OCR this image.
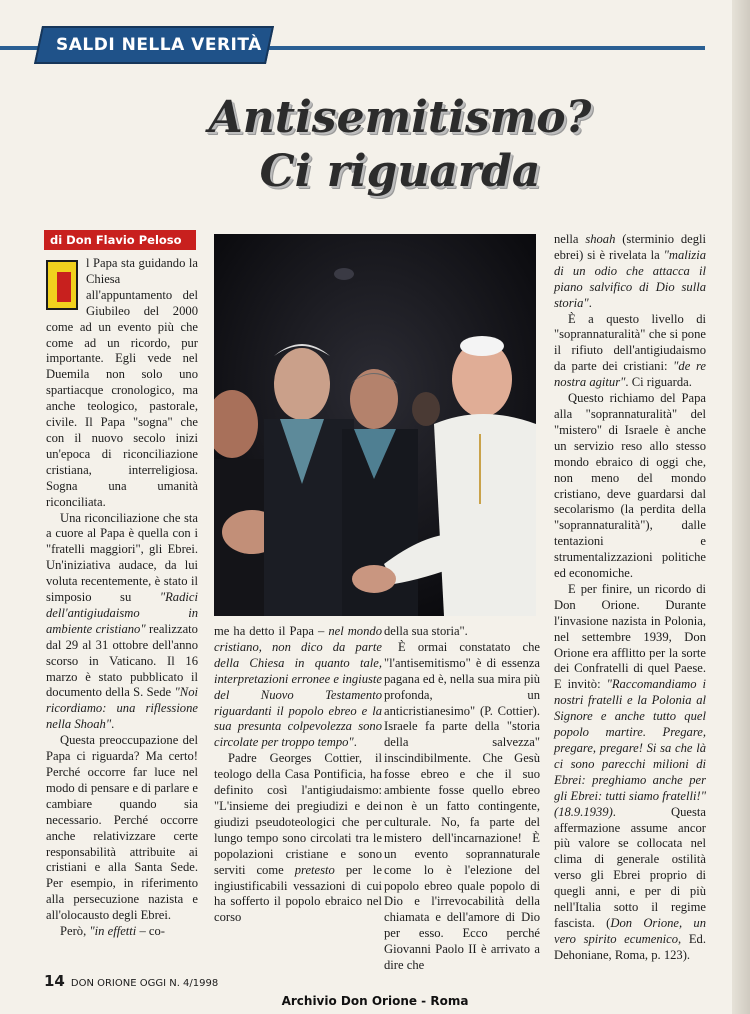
SALDI NELLA VERITÀ
Antisemitismo?
Ci riguarda
di Don Flavio Peloso

l Papa sta guidando la Chiesa all'appuntamento del Giubileo del 2000 come ad un evento più che come ad un ricordo, pur importante. Egli vede nel Duemila non solo uno spartiacque cronologico, ma anche teologico, pastorale, civile. Il Papa "sogna" che con il nuovo secolo inizi un'epoca di riconciliazione cristiana, interreligiosa. Sogna una umanità riconciliata.

Una riconciliazione che sta a cuore al Papa è quella con i "fratelli maggiori", gli Ebrei. Un'iniziativa audace, da lui voluta recentemente, è stato il simposio su "Radici dell'antigiudaismo in ambiente cristiano" realizzato dal 29 al 31 ottobre dell'anno scorso in Vaticano. Il 16 marzo è stato pubblicato il documento della S. Sede "Noi ricordiamo: una riflessione nella Shoah".

Questa preoccupazione del Papa ci riguarda? Ma certo! Perché occorre far luce nel modo di pensare e di parlare e cambiare quando sia necessario. Perché occorre anche relativizzare certe responsabilità attribuite ai cristiani e alla Santa Sede. Per esempio, in riferimento alla persecuzione nazista e all'olocausto degli Ebrei.

Però, "in effetti – co-

me ha detto il Papa – nel mondo cristiano, non dico da parte della Chiesa in quanto tale, interpretazioni erronee e ingiuste del Nuovo Testamento riguardanti il popolo ebreo e la sua presunta colpevolezza sono circolate per troppo tempo".

Padre Georges Cottier, il teologo della Casa Pontificia, ha definito così l'antigiudaismo: "L'insieme dei pregiudizi e dei giudizi pseudoteologici che per lungo tempo sono circolati tra le popolazioni cristiane e sono serviti come pretesto per le ingiustificabili vessazioni di cui ha sofferto il popolo ebraico nel corso

della sua storia".

È ormai constatato che "l'antisemitismo" è di essenza pagana ed è, nella sua mira più profonda, un anticristianesimo" (P. Cottier). Israele fa parte della "storia della salvezza" inscindibilmente. Che Gesù fosse ebreo e che il suo ambiente fosse quello ebreo non è un fatto contingente, culturale. No, fa parte del mistero dell'incarnazione! È un evento soprannaturale come lo è l'elezione del popolo ebreo quale popolo di Dio e l'irrevocabilità della chiamata e dell'amore di Dio per esso. Ecco perché Giovanni Paolo II è arrivato a dire che

nella shoah (sterminio degli ebrei) si è rivelata la "malizia di un odio che attacca il piano salvifico di Dio sulla storia".

È a questo livello di "soprannaturalità" che si pone il rifiuto dell'antigiudaismo da parte dei cristiani: "de re nostra agitur". Ci riguarda.

Questo richiamo del Papa alla "soprannaturalità" del "mistero" di Israele è anche un servizio reso allo stesso mondo ebraico di oggi che, non meno del mondo cristiano, deve guardarsi dal secolarismo (la perdita della "soprannaturalità"), dalle tentazioni e strumentalizzazioni politiche ed economiche.

E per finire, un ricordo di Don Orione. Durante l'invasione nazista in Polonia, nel settembre 1939, Don Orione era afflitto per la sorte dei Confratelli di quel Paese. E invitò: "Raccomandiamo i nostri fratelli e la Polonia al Signore e anche tutto quel popolo martire. Pregare, pregare, pregare! Si sa che là ci sono parecchi milioni di Ebrei: preghiamo anche per gli Ebrei: tutti siamo fratelli!" (18.9.1939). Questa affermazione assume ancor più valore se collocata nel clima di generale ostilità verso gli Ebrei proprio di quegli anni, e per di più nell'Italia sotto il regime fascista. (Don Orione, un vero spirito ecumenico, Ed. Dehoniane, Roma, p. 123).

14 DON ORIONE OGGI N. 4/1998
Archivio Don Orione - Roma
